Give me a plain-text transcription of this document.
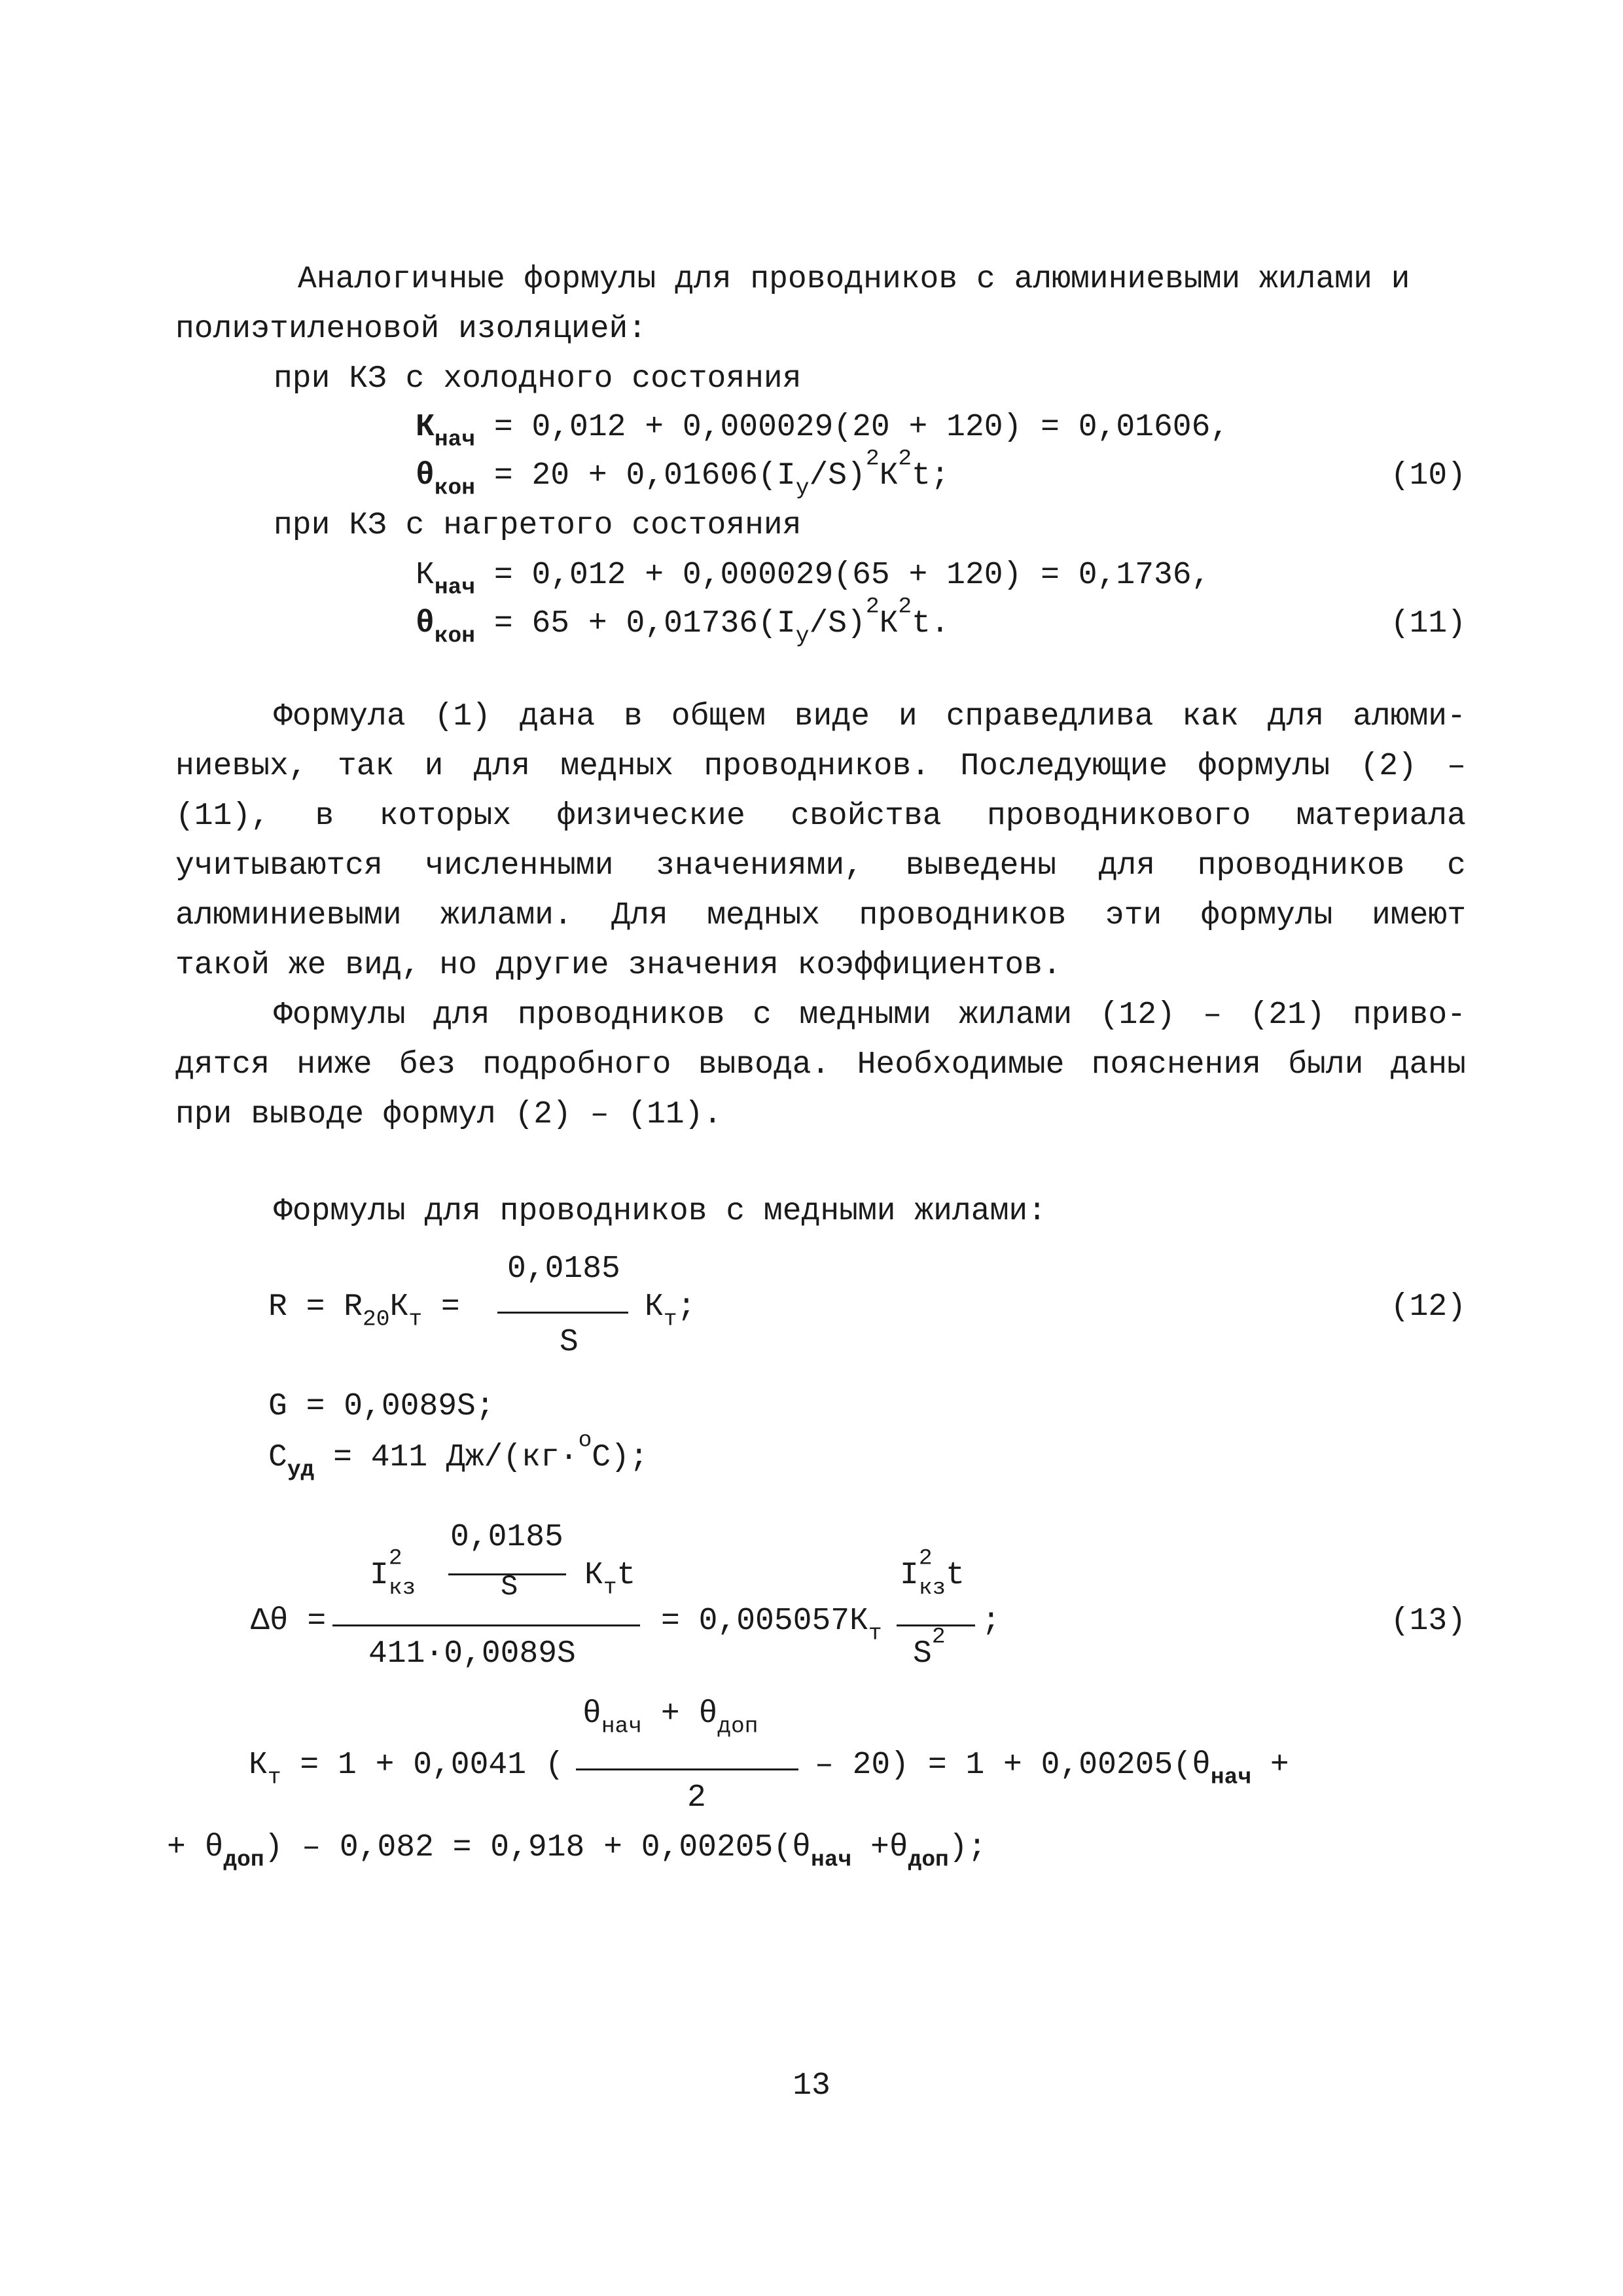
Аналогичные формулы для проводников с алюминиевыми жилами и
полиэтиленовой изоляцией:
при КЗ с холодного состояния
$К_{нач} = 0,012 + 0,000029(20 + 120) = 0,01606$,
$\theta_{кон} = 20 + 0,01606(I_у/S)^2К^2t$;	(10)
при КЗ с нагретого состояния
$К_{нач} = 0,012 + 0,000029(65 + 120) = 0,1736$,
$\theta_{кон} = 65 + 0,01736(I_у/S)^2К^2t$.	(11)
Формула (1) дана в общем виде и справедлива как для алюми-
ниевых, так и для медных проводников. Последующие формулы (2) –
(11), в которых физические свойства проводникового материала
учитываются численными значениями, выведены для проводников с
алюминиевыми жилами. Для медных проводников эти формулы имеют
такой же вид, но другие значения коэффициентов.
Формулы для проводников с медными жилами (12) – (21) приво-
дятся ниже без подробного вывода. Необходимые пояснения были даны
при выводе формул (2) – (11).
Формулы для проводников с медными жилами:
$R = R_{20}К_т$ =
0,0185
S
$К_т$;	(12)
G = 0,0089S;
$С_{уд} = 411$ Дж/(кг·$^о$С);
Δθ =
$I^2_{кз}$
0,0185
S $К_тt$
411·0,0089S
= $0,005057К_т$
$I^2_{кз}t$
$S^2$ ;	(13)
$К_т = 1 + 0,0041$ (
$\theta_{нач} + \theta_{доп}$
2
– $20) = 1 + 0,00205(\theta_{нач}$ +
+ $\theta_{доп}) - 0,082 = 0,918 + 0,00205(\theta_{нач} +\theta_{доп})$;
13
